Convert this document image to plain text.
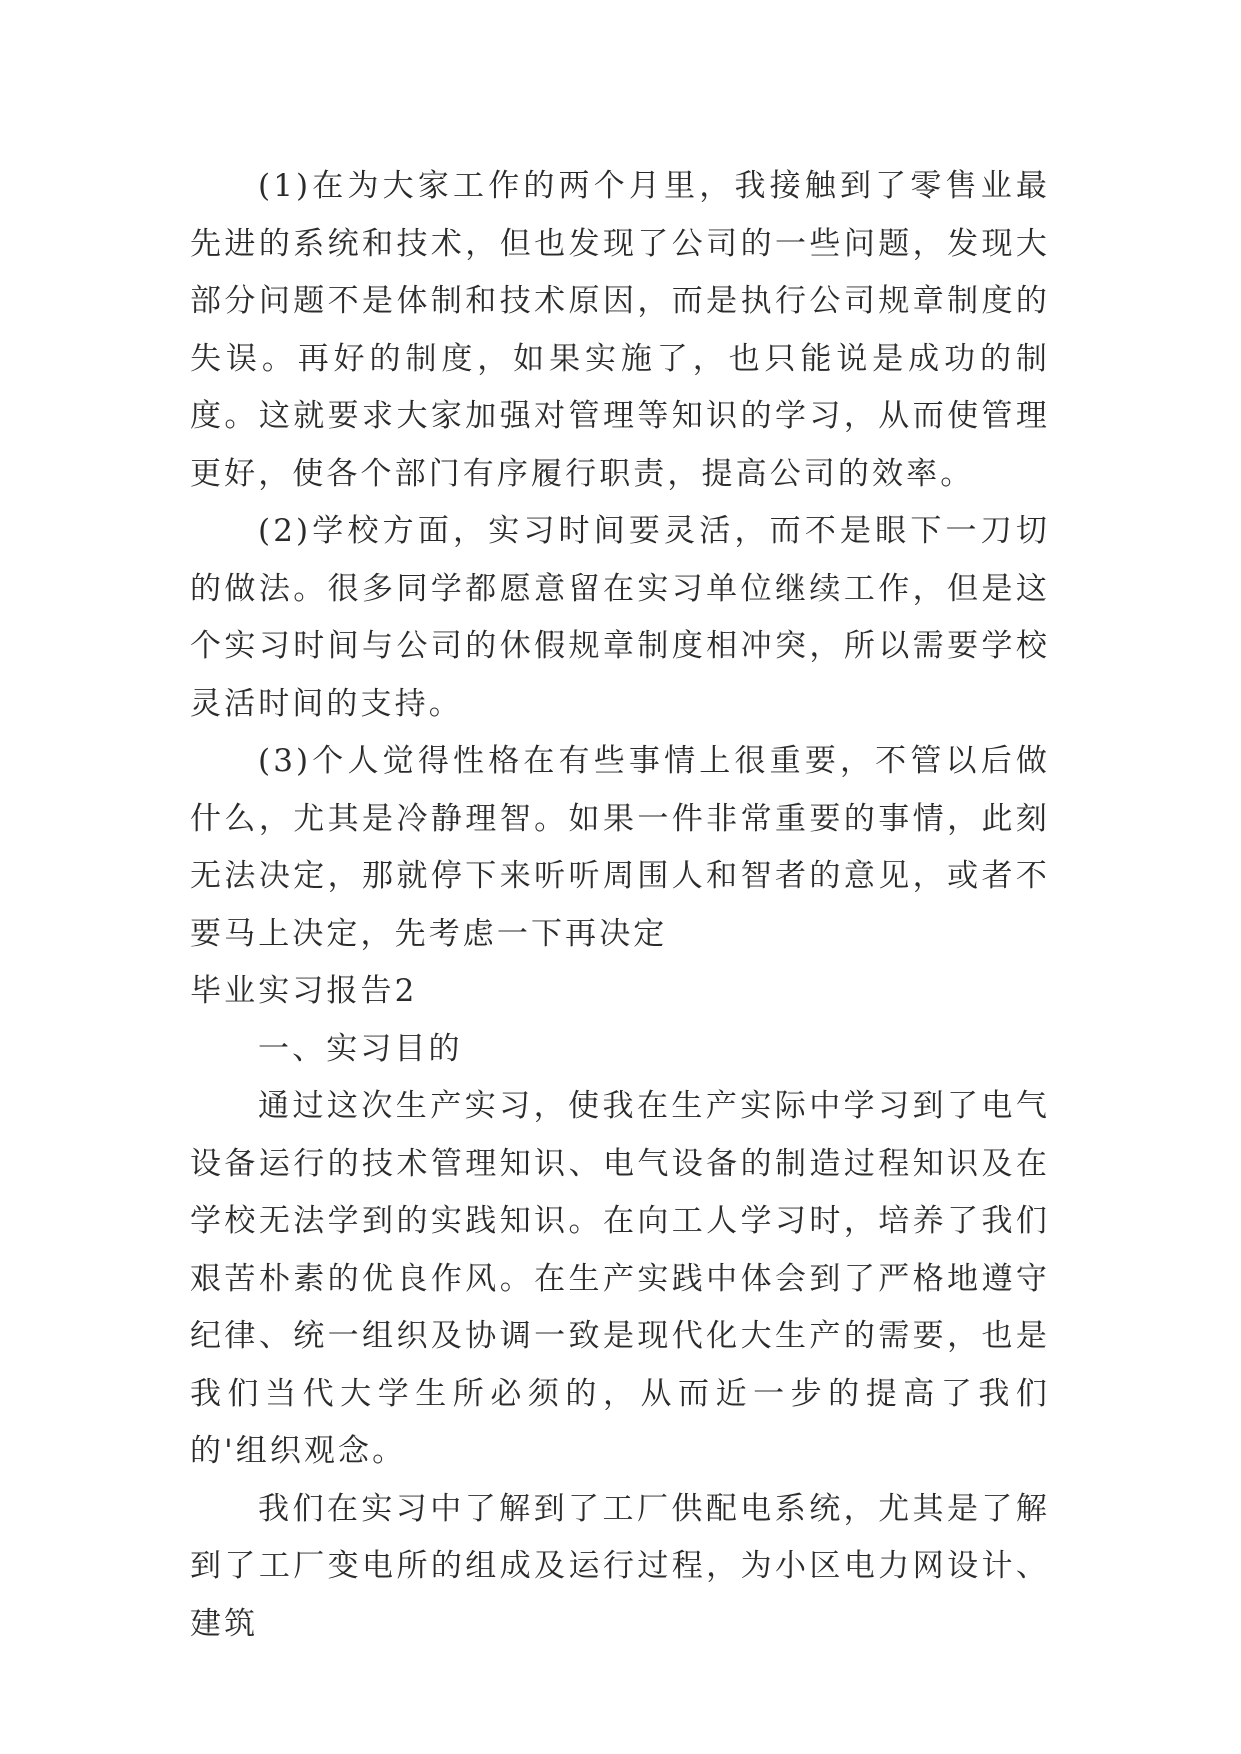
(1)在为大家工作的两个月里，我接触到了零售业最先进的系统和技术，但也发现了公司的一些问题，发现大部分问题不是体制和技术原因，而是执行公司规章制度的失误。再好的制度，如果实施了，也只能说是成功的制度。这就要求大家加强对管理等知识的学习，从而使管理更好，使各个部门有序履行职责，提高公司的效率。

(2)学校方面，实习时间要灵活，而不是眼下一刀切的做法。很多同学都愿意留在实习单位继续工作，但是这个实习时间与公司的休假规章制度相冲突，所以需要学校灵活时间的支持。

(3)个人觉得性格在有些事情上很重要，不管以后做什么，尤其是冷静理智。如果一件非常重要的事情，此刻无法决定，那就停下来听听周围人和智者的意见，或者不要马上决定，先考虑一下再决定

毕业实习报告2

一、实习目的

通过这次生产实习，使我在生产实际中学习到了电气设备运行的技术管理知识、电气设备的制造过程知识及在学校无法学到的实践知识。在向工人学习时，培养了我们艰苦朴素的优良作风。在生产实践中体会到了严格地遵守纪律、统一组织及协调一致是现代化大生产的需要，也是我们当代大学生所必须的，从而近一步的提高了我们的'组织观念。

我们在实习中了解到了工厂供配电系统，尤其是了解到了工厂变电所的组成及运行过程，为小区电力网设计、建筑
